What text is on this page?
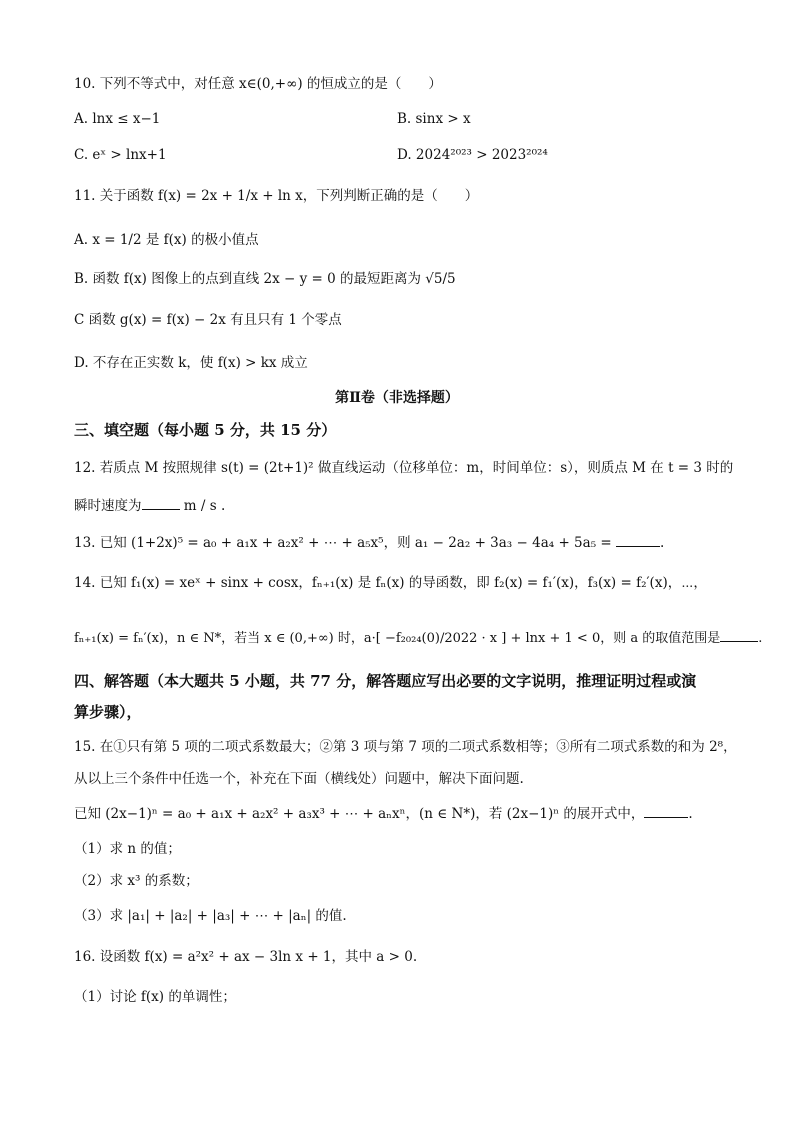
10. 下列不等式中，对任意 x∈(0,+∞) 的恒成立的是（　　）
A. lnx ≤ x−1	B. sinx > x
C. eˣ > lnx+1	D. 2024²⁰²³ > 2023²⁰²⁴
11. 关于函数 f(x) = 2x + 1/x + ln x，下列判断正确的是（　　）
A. x = 1/2 是 f(x) 的极小值点
B. 函数 f(x) 图像上的点到直线 2x − y = 0 的最短距离为 √5/5
C 函数 g(x) = f(x) − 2x 有且只有 1 个零点
D. 不存在正实数 k，使 f(x) > kx 成立
第Ⅱ卷（非选择题）
三、填空题（每小题 5 分，共 15 分）
12. 若质点 M 按照规律 s(t) = (2t+1)² 做直线运动（位移单位：m，时间单位：s），则质点 M 在 t = 3 时的
瞬时速度为	m / s .
13. 已知 (1+2x)⁵ = a₀ + a₁x + a₂x² + ⋯ + a₅x⁵，则 a₁ − 2a₂ + 3a₃ − 4a₄ + 5a₅ =	.
14. 已知 f₁(x) = xeˣ + sinx + cosx，fₙ₊₁(x) 是 fₙ(x) 的导函数，即 f₂(x) = f₁′(x)，f₃(x) = f₂′(x)，⋯，
fₙ₊₁(x) = fₙ′(x)，n ∈ N*，若当 x ∈ (0,+∞) 时，a·[ −f₂₀₂₄(0)/2022 · x ] + lnx + 1 < 0，则 a 的取值范围是	.
四、解答题（本大题共 5 小题，共 77 分，解答题应写出必要的文字说明，推理证明过程或演
算步骤），
15. 在①只有第 5 项的二项式系数最大；②第 3 项与第 7 项的二项式系数相等；③所有二项式系数的和为 2⁸，
从以上三个条件中任选一个，补充在下面（横线处）问题中，解决下面问题.
已知 (2x−1)ⁿ = a₀ + a₁x + a₂x² + a₃x³ + ⋯ + aₙxⁿ，(n ∈ N*)，若 (2x−1)ⁿ 的展开式中，	.
（1）求 n 的值；
（2）求 x³ 的系数；
（3）求 |a₁| + |a₂| + |a₃| + ⋯ + |aₙ| 的值.
16. 设函数 f(x) = a²x² + ax − 3ln x + 1，其中 a > 0.
（1）讨论 f(x) 的单调性；
